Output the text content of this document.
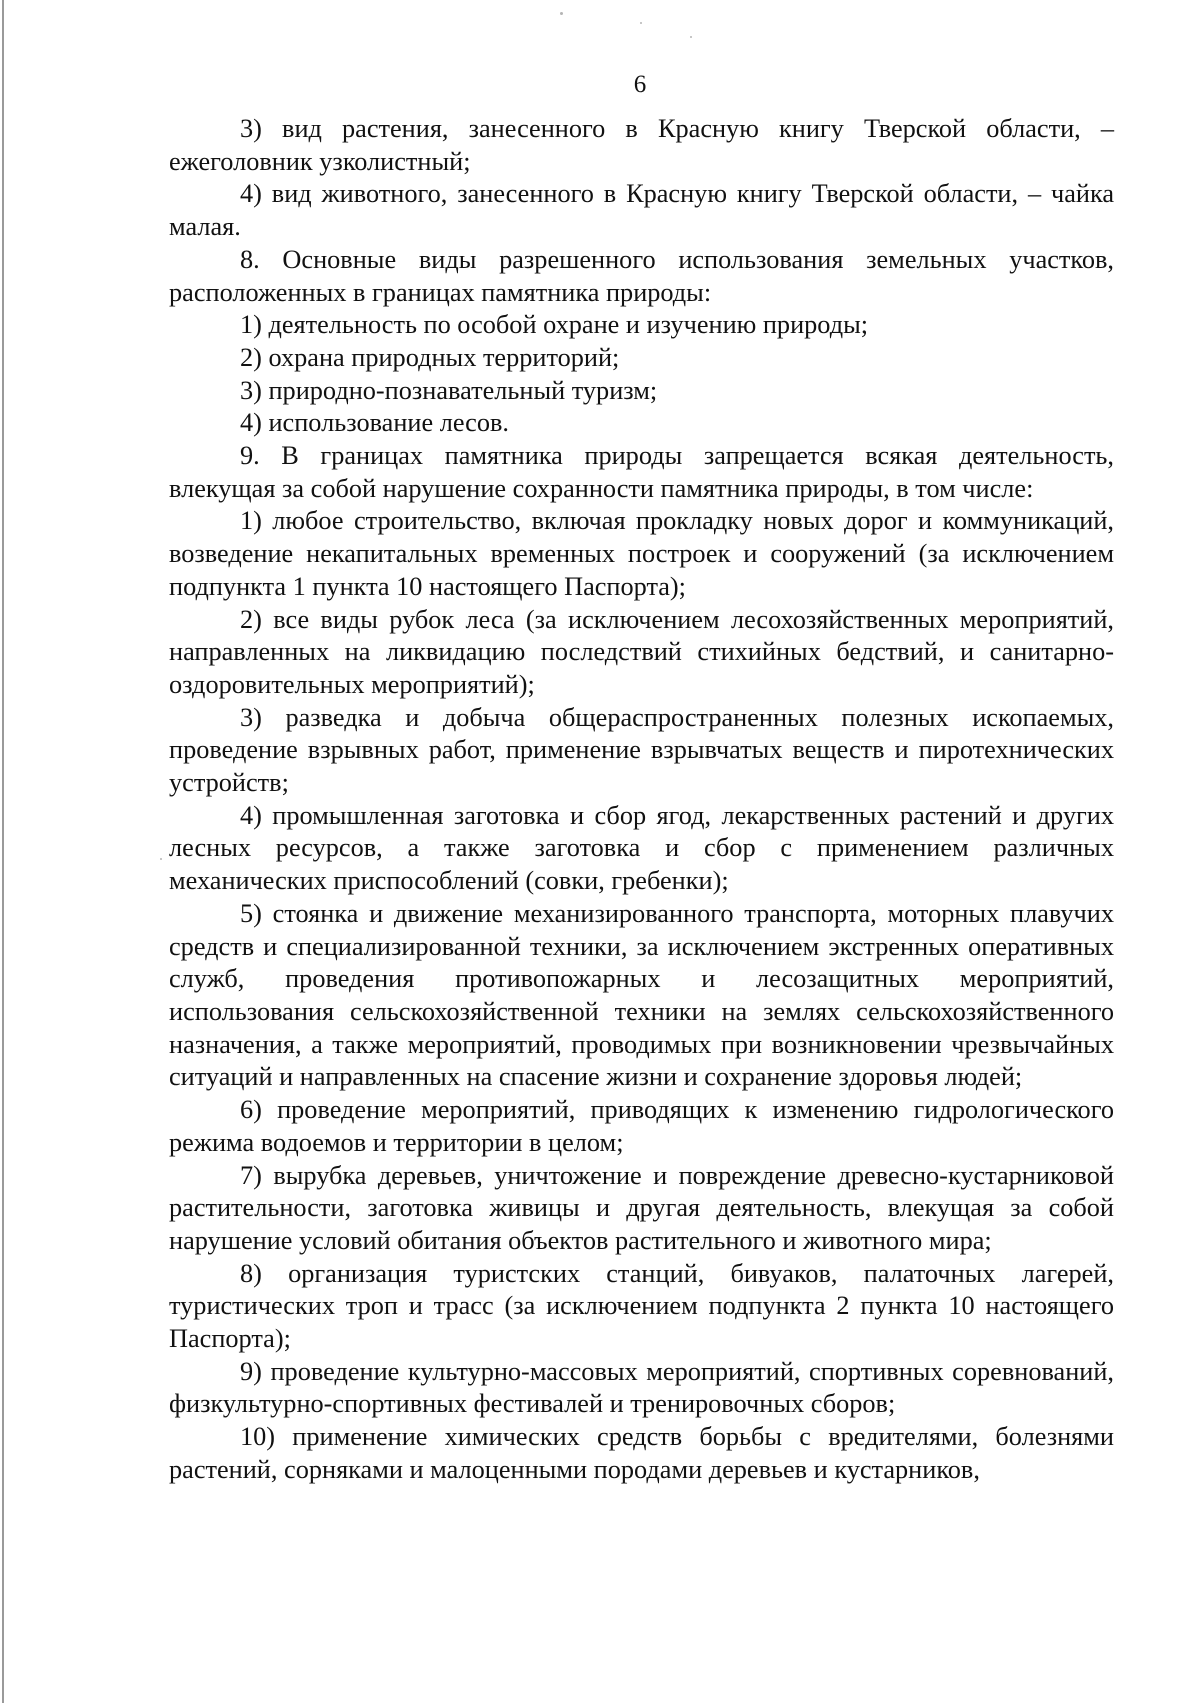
6

3) вид растения, занесенного в Красную книгу Тверской области, – ежеголовник узколистный;

4) вид животного, занесенного в Красную книгу Тверской области, – чайка малая.

8. Основные виды разрешенного использования земельных участков, расположенных в границах памятника природы:

1) деятельность по особой охране и изучению природы;

2) охрана природных территорий;

3) природно-познавательный туризм;

4) использование лесов.

9. В границах памятника природы запрещается всякая деятельность, влекущая за собой нарушение сохранности памятника природы, в том числе:

1) любое строительство, включая прокладку новых дорог и коммуникаций, возведение некапитальных временных построек и сооружений (за исключением подпункта 1 пункта 10 настоящего Паспорта);

2) все виды рубок леса (за исключением лесохозяйственных мероприятий, направленных на ликвидацию последствий стихийных бедствий, и санитарно-оздоровительных мероприятий);

3) разведка и добыча общераспространенных полезных ископаемых, проведение взрывных работ, применение взрывчатых веществ и пиротехнических устройств;

4) промышленная заготовка и сбор ягод, лекарственных растений и других лесных ресурсов, а также заготовка и сбор с применением различных механических приспособлений (совки, гребенки);

5) стоянка и движение механизированного транспорта, моторных плавучих средств и специализированной техники, за исключением экстренных оперативных служб, проведения противопожарных и лесозащитных мероприятий, использования сельскохозяйственной техники на землях сельскохозяйственного назначения, а также мероприятий, проводимых при возникновении чрезвычайных ситуаций и направленных на спасение жизни и сохранение здоровья людей;

6) проведение мероприятий, приводящих к изменению гидрологического режима водоемов и территории в целом;

7) вырубка деревьев, уничтожение и повреждение древесно-кустарниковой растительности, заготовка живицы и другая деятельность, влекущая за собой нарушение условий обитания объектов растительного и животного мира;

8) организация туристских станций, бивуаков, палаточных лагерей, туристических троп и трасс (за исключением подпункта 2 пункта 10 настоящего Паспорта);

9) проведение культурно-массовых мероприятий, спортивных соревнований, физкультурно-спортивных фестивалей и тренировочных сборов;

10) применение химических средств борьбы с вредителями, болезнями растений, сорняками и малоценными породами деревьев и кустарников,
